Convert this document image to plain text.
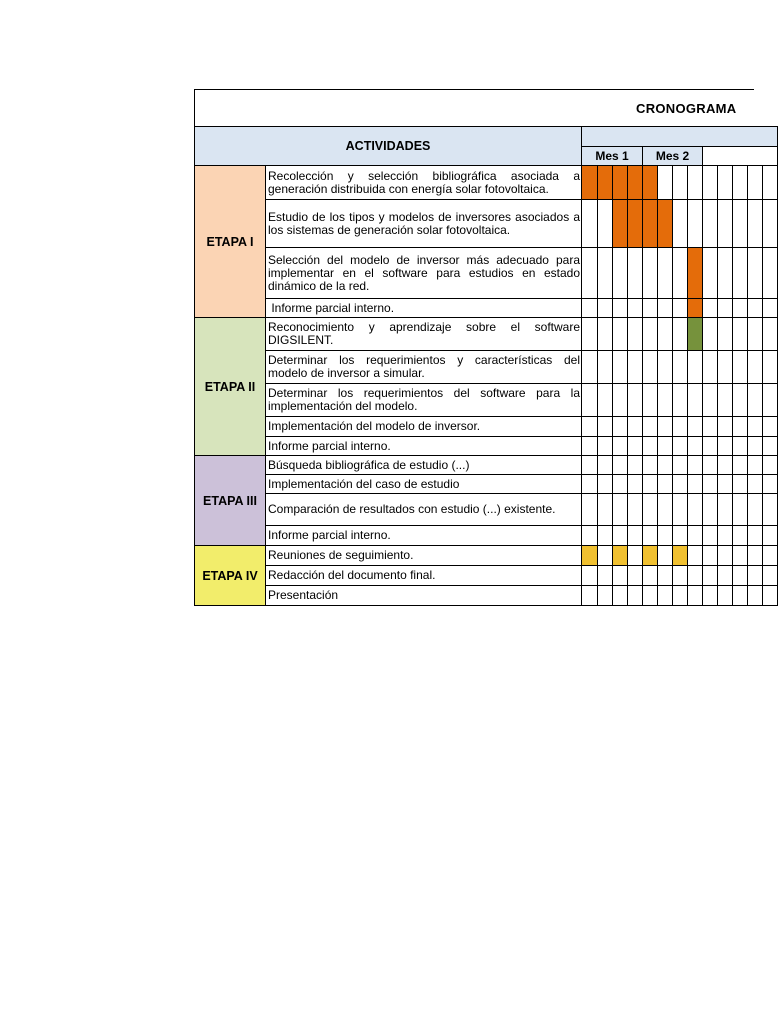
CRONOGRAMA
ACTIVIDADES														
		Mes 1				Mes 2								
ETAPA I	Recolección y selección bibliográfica asociada a generación distribuida con energía solar fotovoltaica.													

	Estudio de los tipos y modelos de inversores asociados a los sistemas de generación solar fotovoltaica.													

	Selección del modelo de inversor más adecuado para implementar en el software para estudios en estado dinámico de la red.													

	Informe parcial interno.													

ETAPA II	Reconocimiento y aprendizaje sobre el software DIGSILENT.													

	Determinar los requerimientos y características del modelo de inversor a simular.													

	Determinar los requerimientos del software para la implementación del modelo.													

	Implementación del modelo de inversor.													

	Informe parcial interno.													

ETAPA III	Búsqueda bibliográfica de estudio (...)													

	Implementación del caso de estudio													

	Comparación de resultados con estudio (...) existente.													

	Informe parcial interno.													

ETAPA IV	Reuniones de seguimiento.													

	Redacción del documento final.													

	Presentación													
